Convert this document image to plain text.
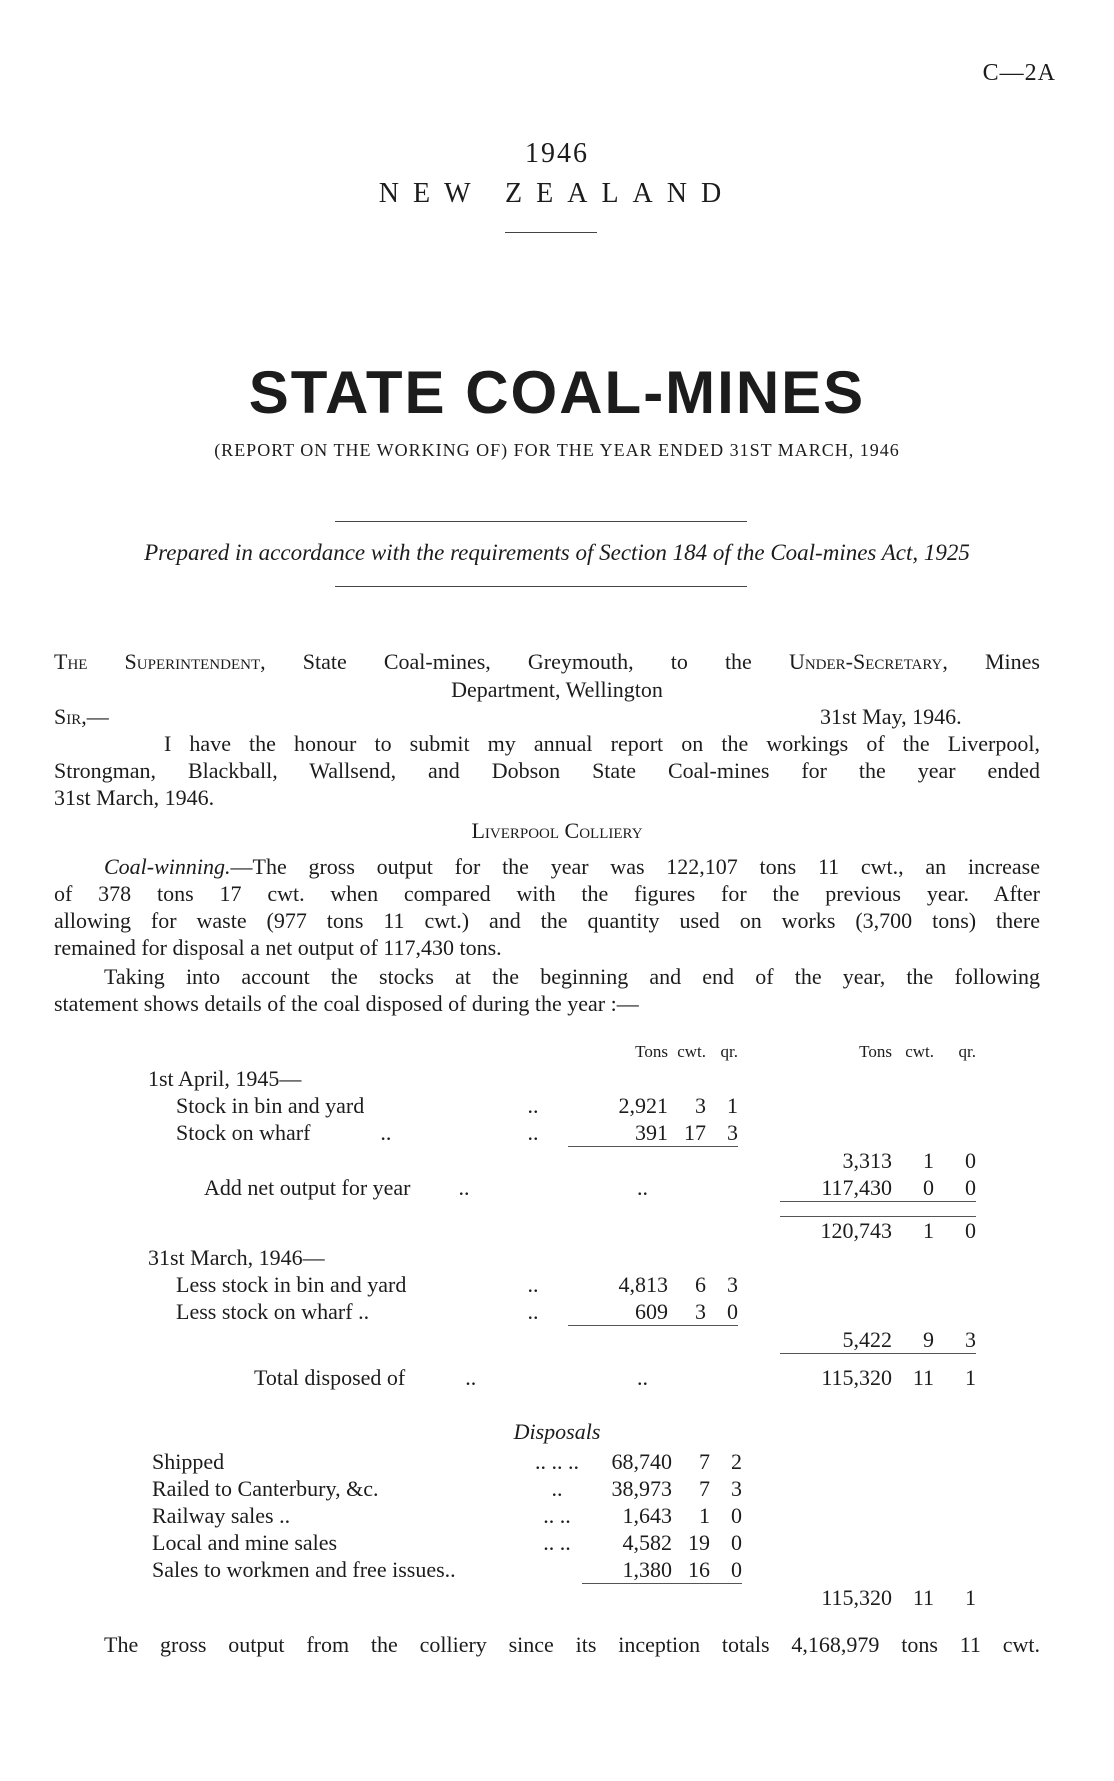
C—2A
1946
NEW ZEALAND
STATE COAL-MINES
(REPORT ON THE WORKING OF) FOR THE YEAR ENDED 31ST MARCH, 1946
Prepared in accordance with the requirements of Section 184 of the Coal-mines Act, 1925
The Superintendent, State Coal-mines, Greymouth, to the Under-Secretary, Mines
Department, Wellington
Sir,—	31st May, 1946.
I have the honour to submit my annual report on the workings of the Liverpool,
Strongman, Blackball, Wallsend, and Dobson State Coal-mines for the year ended
31st March, 1946.
Liverpool Colliery
Coal-winning.—The gross output for the year was 122,107 tons 11 cwt., an increase
of 378 tons 17 cwt. when compared with the figures for the previous year. After
allowing for waste (977 tons 11 cwt.) and the quantity used on works (3,700 tons) there
remained for disposal a net output of 117,430 tons.
Taking into account the stocks at the beginning and end of the year, the following
statement shows details of the coal disposed of during the year :—
		Tons	cwt.	qr.		Tons	cwt.	qr.
1st April, 1945—								
Stock in bin and yard	..	2,921	3	1				
Stock on wharf ..	..	391	17	3				
						3,313	1	0
Add net output for year ..		..				117,430	0	0

						120,743	1	0
31st March, 1946—								
Less stock in bin and yard	..	4,813	6	3				
Less stock on wharf ..	..	609	3	0				
						5,422	9	3

Total disposed of ..		..				115,320	11	1
Disposals
Shipped	.. .. ..	68,740	7	2				
Railed to Canterbury, &c.	..	38,973	7	3				
Railway sales ..	.. ..	1,643	1	0				
Local and mine sales	.. ..	4,582	19	0				
Sales to workmen and free issues..		1,380	16	0				
						115,320	11	1
The gross output from the colliery since its inception totals 4,168,979 tons 11 cwt.
